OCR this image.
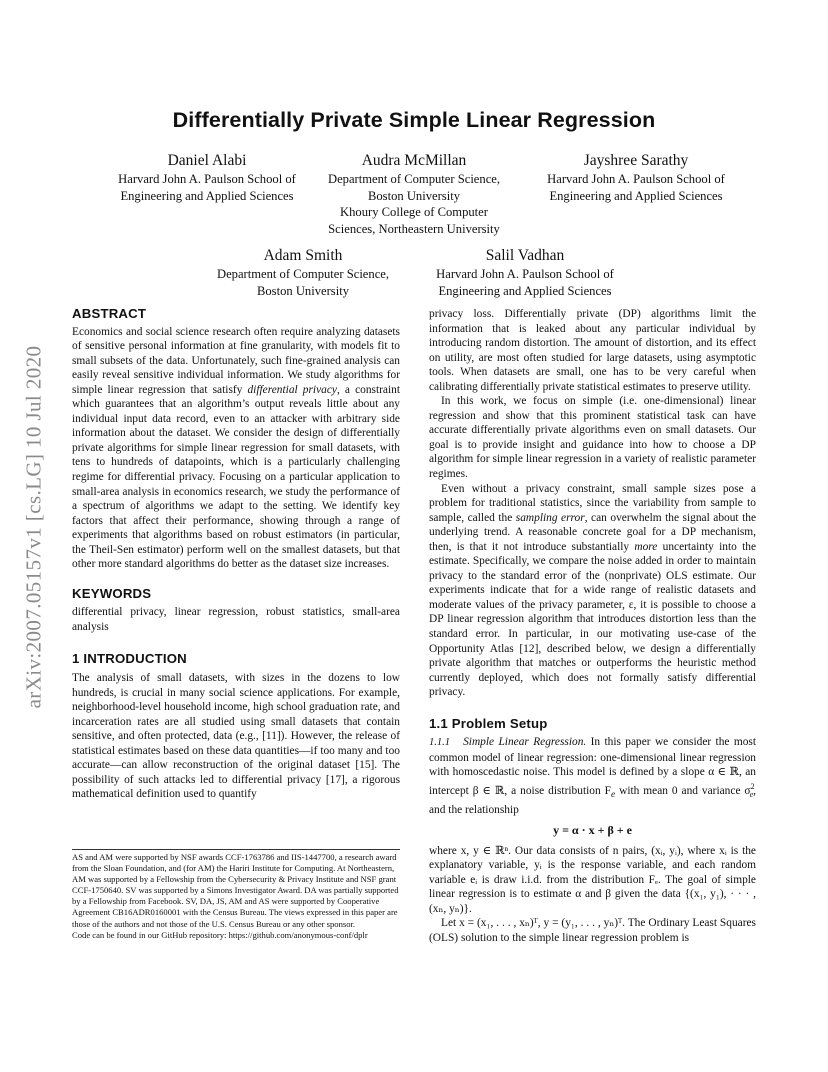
arXiv:2007.05157v1 [cs.LG] 10 Jul 2020
Differentially Private Simple Linear Regression
Daniel Alabi
Harvard John A. Paulson School of
Engineering and Applied Sciences
Audra McMillan
Department of Computer Science,
Boston University
Khoury College of Computer
Sciences, Northeastern University
Jayshree Sarathy
Harvard John A. Paulson School of
Engineering and Applied Sciences
Adam Smith
Department of Computer Science,
Boston University
Salil Vadhan
Harvard John A. Paulson School of
Engineering and Applied Sciences
ABSTRACT

Economics and social science research often require analyzing datasets of sensitive personal information at fine granularity, with models fit to small subsets of the data. Unfortunately, such fine-grained analysis can easily reveal sensitive individual information. We study algorithms for simple linear regression that satisfy differential privacy, a constraint which guarantees that an algorithm’s output reveals little about any individual input data record, even to an attacker with arbitrary side information about the dataset. We consider the design of differentially private algorithms for simple linear regression for small datasets, with tens to hundreds of datapoints, which is a particularly challenging regime for differential privacy. Focusing on a particular application to small-area analysis in economics research, we study the performance of a spectrum of algorithms we adapt to the setting. We identify key factors that affect their performance, showing through a range of experiments that algorithms based on robust estimators (in particular, the Theil-Sen estimator) perform well on the smallest datasets, but that other more standard algorithms do better as the dataset size increases.

KEYWORDS

differential privacy, linear regression, robust statistics, small-area analysis

1 INTRODUCTION

The analysis of small datasets, with sizes in the dozens to low hundreds, is crucial in many social science applications. For example, neighborhood-level household income, high school graduation rate, and incarceration rates are all studied using small datasets that contain sensitive, and often protected, data (e.g., [11]). However, the release of statistical estimates based on these data quantities—if too many and too accurate—can allow reconstruction of the original dataset [15]. The possibility of such attacks led to differential privacy [17], a rigorous mathematical definition used to quantify

AS and AM were supported by NSF awards CCF-1763786 and IIS-1447700, a research award from the Sloan Foundation, and (for AM) the Hariri Institute for Computing. At Northeastern, AM was supported by a Fellowship from the Cybersecurity & Privacy Institute and NSF grant CCF-1750640. SV was supported by a Simons Investigator Award. DA was partially supported by a Fellowship from Facebook. SV, DA, JS, AM and AS were supported by Cooperative Agreement CB16ADR0160001 with the Census Bureau. The views expressed in this paper are those of the authors and not those of the U.S. Census Bureau or any other sponsor.
Code can be found in our GitHub repository: https://github.com/anonymous-conf/dplr

privacy loss. Differentially private (DP) algorithms limit the information that is leaked about any particular individual by introducing random distortion. The amount of distortion, and its effect on utility, are most often studied for large datasets, using asymptotic tools. When datasets are small, one has to be very careful when calibrating differentially private statistical estimates to preserve utility.

In this work, we focus on simple (i.e. one-dimensional) linear regression and show that this prominent statistical task can have accurate differentially private algorithms even on small datasets. Our goal is to provide insight and guidance into how to choose a DP algorithm for simple linear regression in a variety of realistic parameter regimes.

Even without a privacy constraint, small sample sizes pose a problem for traditional statistics, since the variability from sample to sample, called the sampling error, can overwhelm the signal about the underlying trend. A reasonable concrete goal for a DP mechanism, then, is that it not introduce substantially more uncertainty into the estimate. Specifically, we compare the noise added in order to maintain privacy to the standard error of the (nonprivate) OLS estimate. Our experiments indicate that for a wide range of realistic datasets and moderate values of the privacy parameter, ε, it is possible to choose a DP linear regression algorithm that introduces distortion less than the standard error. In particular, in our motivating use-case of the Opportunity Atlas [12], described below, we design a differentially private algorithm that matches or outperforms the heuristic method currently deployed, which does not formally satisfy differential privacy.

1.1 Problem Setup

1.1.1 Simple Linear Regression. In this paper we consider the most common model of linear regression: one-dimensional linear regression with homoscedastic noise. This model is defined by a slope α ∈ ℝ, an intercept β ∈ ℝ, a noise distribution $F_e$ with mean 0 and variance $\sigma^2_e$, and the relationship

y = α · x + β + e

where x, y ∈ ℝⁿ. Our data consists of n pairs, (xᵢ, yᵢ), where xᵢ is the explanatory variable, yᵢ is the response variable, and each random variable eᵢ is draw i.i.d. from the distribution Fₑ. The goal of simple linear regression is to estimate α and β given the data {(x₁, y₁), · · · , (xₙ, yₙ)}.

Let x = (x₁, . . . , xₙ)ᵀ, y = (y₁, . . . , yₙ)ᵀ. The Ordinary Least Squares (OLS) solution to the simple linear regression problem is
